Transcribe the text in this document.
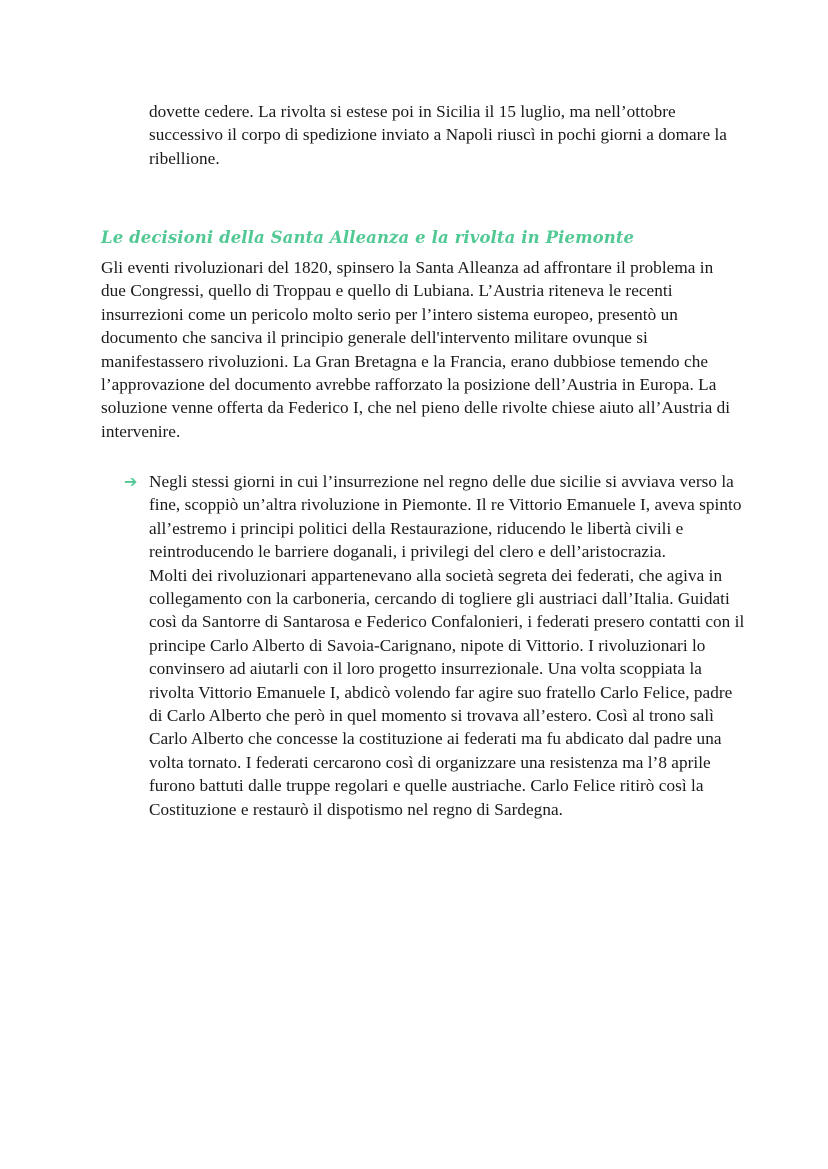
dovette cedere. La rivolta si estese poi in Sicilia il 15 luglio, ma nell’ottobre successivo il corpo di spedizione inviato a Napoli riuscì in pochi giorni a domare la ribellione.

Le decisioni della Santa Alleanza e la rivolta in Piemonte

Gli eventi rivoluzionari del 1820, spinsero la Santa Alleanza ad affrontare il problema in due Congressi, quello di Troppau e quello di Lubiana. L’Austria riteneva le recenti insurrezioni come un pericolo molto serio per l’intero sistema europeo, presentò un documento che sanciva il principio generale dell'intervento militare ovunque si manifestassero rivoluzioni. La Gran Bretagna e la Francia, erano dubbiose temendo che l’approvazione del documento avrebbe rafforzato la posizione dell’Austria in Europa. La soluzione venne offerta da Federico I, che nel pieno delle rivolte chiese aiuto all’Austria di intervenire.

➔ Negli stessi giorni in cui l’insurrezione nel regno delle due sicilie si avviava verso la fine, scoppiò un’altra rivoluzione in Piemonte. Il re Vittorio Emanuele I, aveva spinto all’estremo i principi politici della Restaurazione, riducendo le libertà civili e reintroducendo le barriere doganali, i privilegi del clero e dell’aristocrazia.

Molti dei rivoluzionari appartenevano alla società segreta dei federati, che agiva in collegamento con la carboneria, cercando di togliere gli austriaci dall’Italia. Guidati così da Santorre di Santarosa e Federico Confalonieri, i federati presero contatti con il principe Carlo Alberto di Savoia-Carignano, nipote di Vittorio. I rivoluzionari lo convinsero ad aiutarli con il loro progetto insurrezionale. Una volta scoppiata la rivolta Vittorio Emanuele I, abdicò volendo far agire suo fratello Carlo Felice, padre di Carlo Alberto che però in quel momento si trovava all’estero. Così al trono salì Carlo Alberto che concesse la costituzione ai federati ma fu abdicato dal padre una volta tornato. I federati cercarono così di organizzare una resistenza ma l’8 aprile furono battuti dalle truppe regolari e quelle austriache. Carlo Felice ritirò così la Costituzione e restaurò il dispotismo nel regno di Sardegna.
